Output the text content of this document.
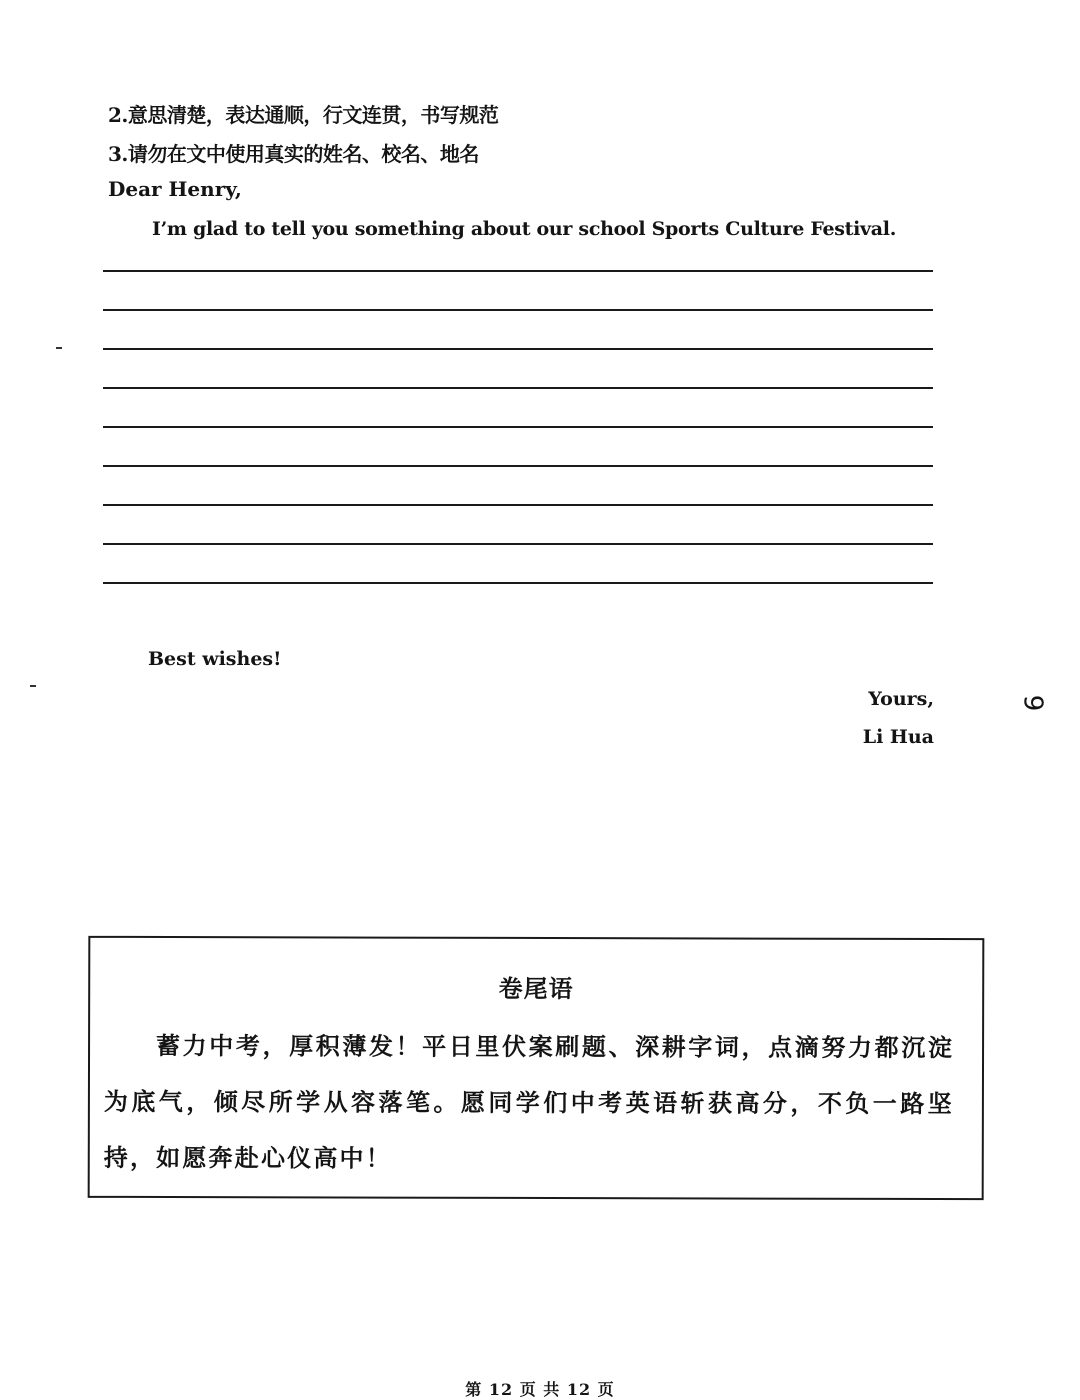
2.意思清楚，表达通顺，行文连贯，书写规范
3.请勿在文中使用真实的姓名、校名、地名
Dear Henry,
I’m glad to tell you something about our school Sports Culture Festival.
Best wishes!
Yours,
Li Hua
9
卷尾语
蓄力中考，厚积薄发！平日里伏案刷题、深耕字词，点滴努力都沉淀为底气，倾尽所学从容落笔。愿同学们中考英语斩获高分，不负一路坚持，如愿奔赴心仪高中！
第 12 页 共 12 页
